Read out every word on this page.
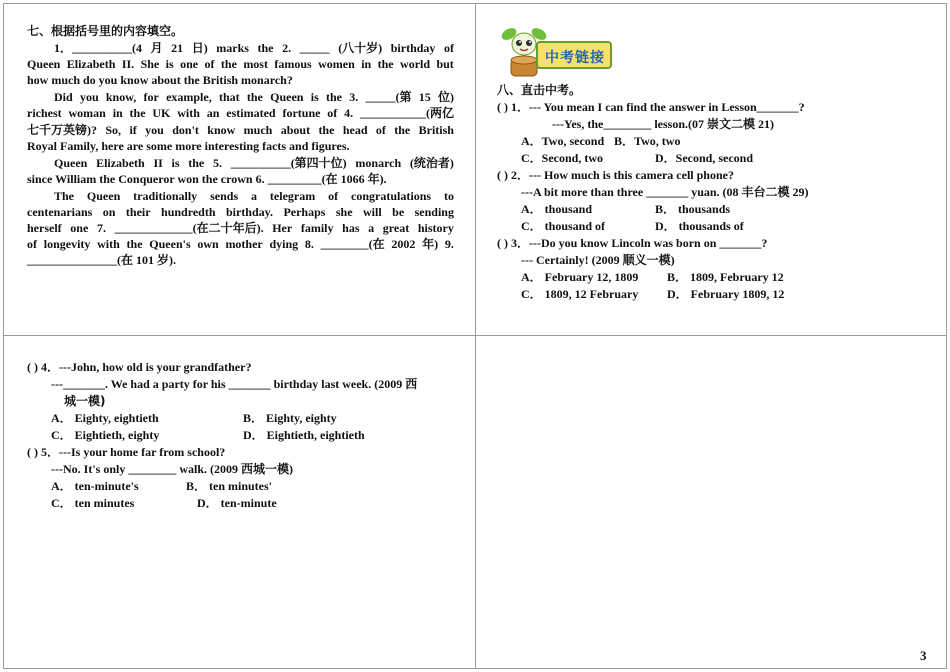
七、根据括号里的内容填空。
1．__________(4 月 21 日) marks the 2. _____ (八十岁) birthday of
Queen Elizabeth II. She is one of the most famous women in the world but
how much do you know about the British monarch?
Did you know, for example, that the Queen is the 3. _____(第 15 位)
richest woman in the UK with an estimated fortune of 4. ___________(两亿
七千万英镑)? So, if you don't know much about the head of the British
Royal Family, here are some more interesting facts and figures.
Queen Elizabeth II is the 5. __________(第四十位) monarch (统治者)
since William the Conqueror won the crown 6. _________(在 1066 年).
The Queen traditionally sends a telegram of congratulations to
centenarians on their hundredth birthday. Perhaps she will be sending
herself one 7. _____________(在二十年后). Her family has a great history
of longevity with the Queen's own mother dying 8. ________(在 2002 年) 9.
_______________(在 101 岁).
中考链接
八、直击中考。
( ) 1．--- You mean I can find the answer in Lesson_______?
---Yes, the________ lesson.(07 崇文二模 21)
A．Two, second B．Two, two
C．Second, two	D．Second, second
( ) 2．--- How much is this camera cell phone?
---A bit more than three _______ yuan. (08 丰台二模 29)
A． thousand	B． thousands
C． thousand of	D． thousands of
( ) 3．---Do you know Lincoln was born on _______?
--- Certainly! (2009 顺义一模)
A． February 12, 1809 B． 1809, February 12
C． 1809, 12 February D． February 1809, 12
( ) 4．---John, how old is your grandfather?
---_______. We had a party for his _______ birthday last week. (2009 西
城一模)
A． Eighty, eightieth	B． Eighty, eighty
C． Eightieth, eighty	D． Eightieth, eightieth
( ) 5．---Is your home far from school?
---No. It's only ________ walk. (2009 西城一模)
A． ten-minute's	B． ten minutes'
C． ten minutes	D． ten-minute
3
